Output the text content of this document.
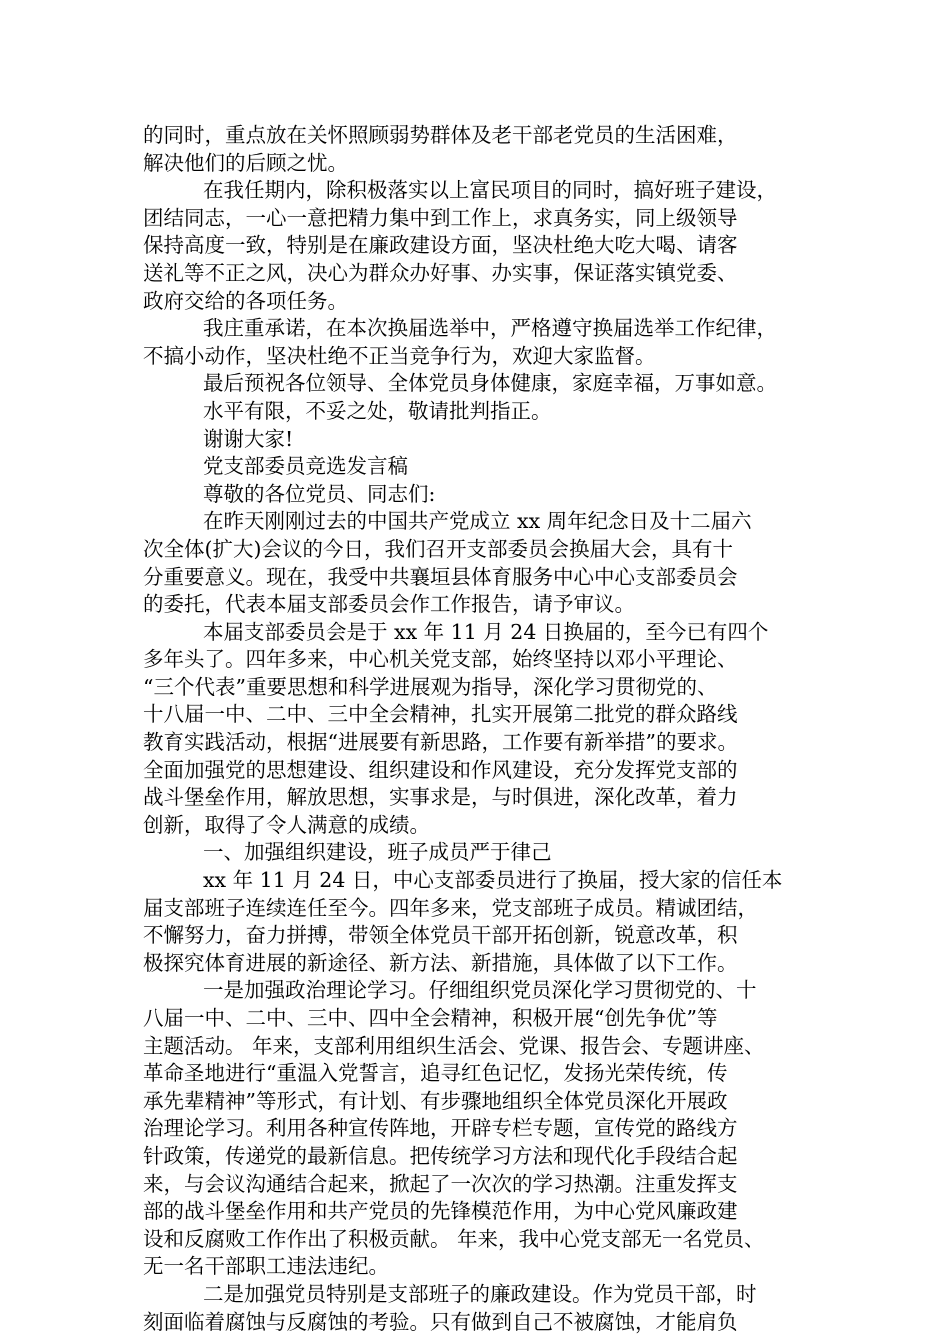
的同时，重点放在关怀照顾弱势群体及老干部老党员的生活困难，
解决他们的后顾之忧。
在我任期内，除积极落实以上富民项目的同时，搞好班子建设，
团结同志，一心一意把精力集中到工作上，求真务实，同上级领导
保持高度一致，特别是在廉政建设方面，坚决杜绝大吃大喝、请客
送礼等不正之风，决心为群众办好事、办实事，保证落实镇党委、
政府交给的各项任务。
我庄重承诺，在本次换届选举中，严格遵守换届选举工作纪律，
不搞小动作，坚决杜绝不正当竞争行为，欢迎大家监督。
最后预祝各位领导、全体党员身体健康，家庭幸福，万事如意。
水平有限，不妥之处，敬请批判指正。
谢谢大家!
党支部委员竞选发言稿
尊敬的各位党员、同志们:
在昨天刚刚过去的中国共产党成立 xx 周年纪念日及十二届六
次全体(扩大)会议的今日，我们召开支部委员会换届大会，具有十
分重要意义。现在，我受中共襄垣县体育服务中心中心支部委员会
的委托，代表本届支部委员会作工作报告，请予审议。
本届支部委员会是于 xx 年 11 月 24 日换届的，至今已有四个
多年头了。四年多来，中心机关党支部，始终坚持以邓小平理论、
“三个代表”重要思想和科学进展观为指导，深化学习贯彻党的、
十八届一中、二中、三中全会精神，扎实开展第二批党的群众路线
教育实践活动，根据“进展要有新思路，工作要有新举措”的要求。
全面加强党的思想建设、组织建设和作风建设，充分发挥党支部的
战斗堡垒作用，解放思想，实事求是，与时俱进，深化改革，着力
创新，取得了令人满意的成绩。
一、加强组织建设，班子成员严于律己
xx 年 11 月 24 日，中心支部委员进行了换届，授大家的信任本
届支部班子连续连任至今。四年多来，党支部班子成员。精诚团结，
不懈努力，奋力拼搏，带领全体党员干部开拓创新，锐意改革，积
极探究体育进展的新途径、新方法、新措施，具体做了以下工作。
一是加强政治理论学习。仔细组织党员深化学习贯彻党的、十
八届一中、二中、三中、四中全会精神，积极开展“创先争优”等
主题活动。 年来，支部利用组织生活会、党课、报告会、专题讲座、
革命圣地进行“重温入党誓言，追寻红色记忆，发扬光荣传统，传
承先辈精神”等形式，有计划、有步骤地组织全体党员深化开展政
治理论学习。利用各种宣传阵地，开辟专栏专题，宣传党的路线方
针政策，传递党的最新信息。把传统学习方法和现代化手段结合起
来，与会议沟通结合起来，掀起了一次次的学习热潮。注重发挥支
部的战斗堡垒作用和共产党员的先锋模范作用，为中心党风廉政建
设和反腐败工作作出了积极贡献。 年来，我中心党支部无一名党员、
无一名干部职工违法违纪。
二是加强党员特别是支部班子的廉政建设。作为党员干部，时
刻面临着腐蚀与反腐蚀的考验。只有做到自己不被腐蚀，才能肩负
